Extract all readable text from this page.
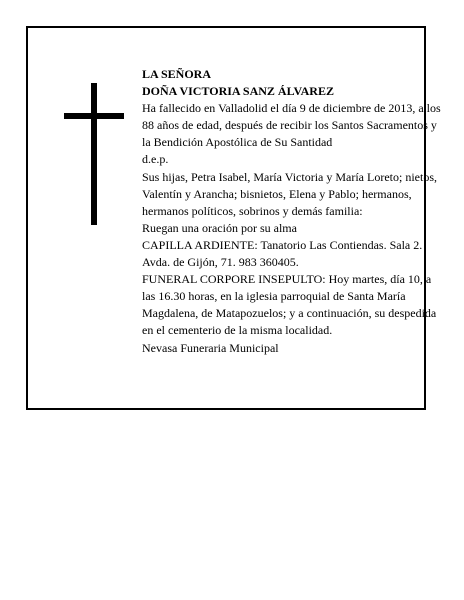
LA SEÑORA

DOÑA VICTORIA SANZ ÁLVAREZ

Ha fallecido en Valladolid el día 9 de diciembre de 2013, a los 88 años de edad, después de recibir los Santos Sacramentos y la Bendición Apostólica de Su Santidad

d.e.p.

Sus hijas, Petra Isabel, María Victoria y María Loreto; nietos, Valentín y Arancha; bisnietos, Elena y Pablo; hermanos, hermanos políticos, sobrinos y demás familia:

Ruegan una oración por su alma

CAPILLA ARDIENTE: Tanatorio Las Contiendas. Sala 2. Avda. de Gijón, 71. 983 360405.

FUNERAL CORPORE INSEPULTO: Hoy martes, día 10, a las 16.30 horas, en la iglesia parroquial de Santa María Magdalena, de Matapozuelos; y a continuación, su despedida en el cementerio de la misma localidad.

Nevasa Funeraria Municipal
